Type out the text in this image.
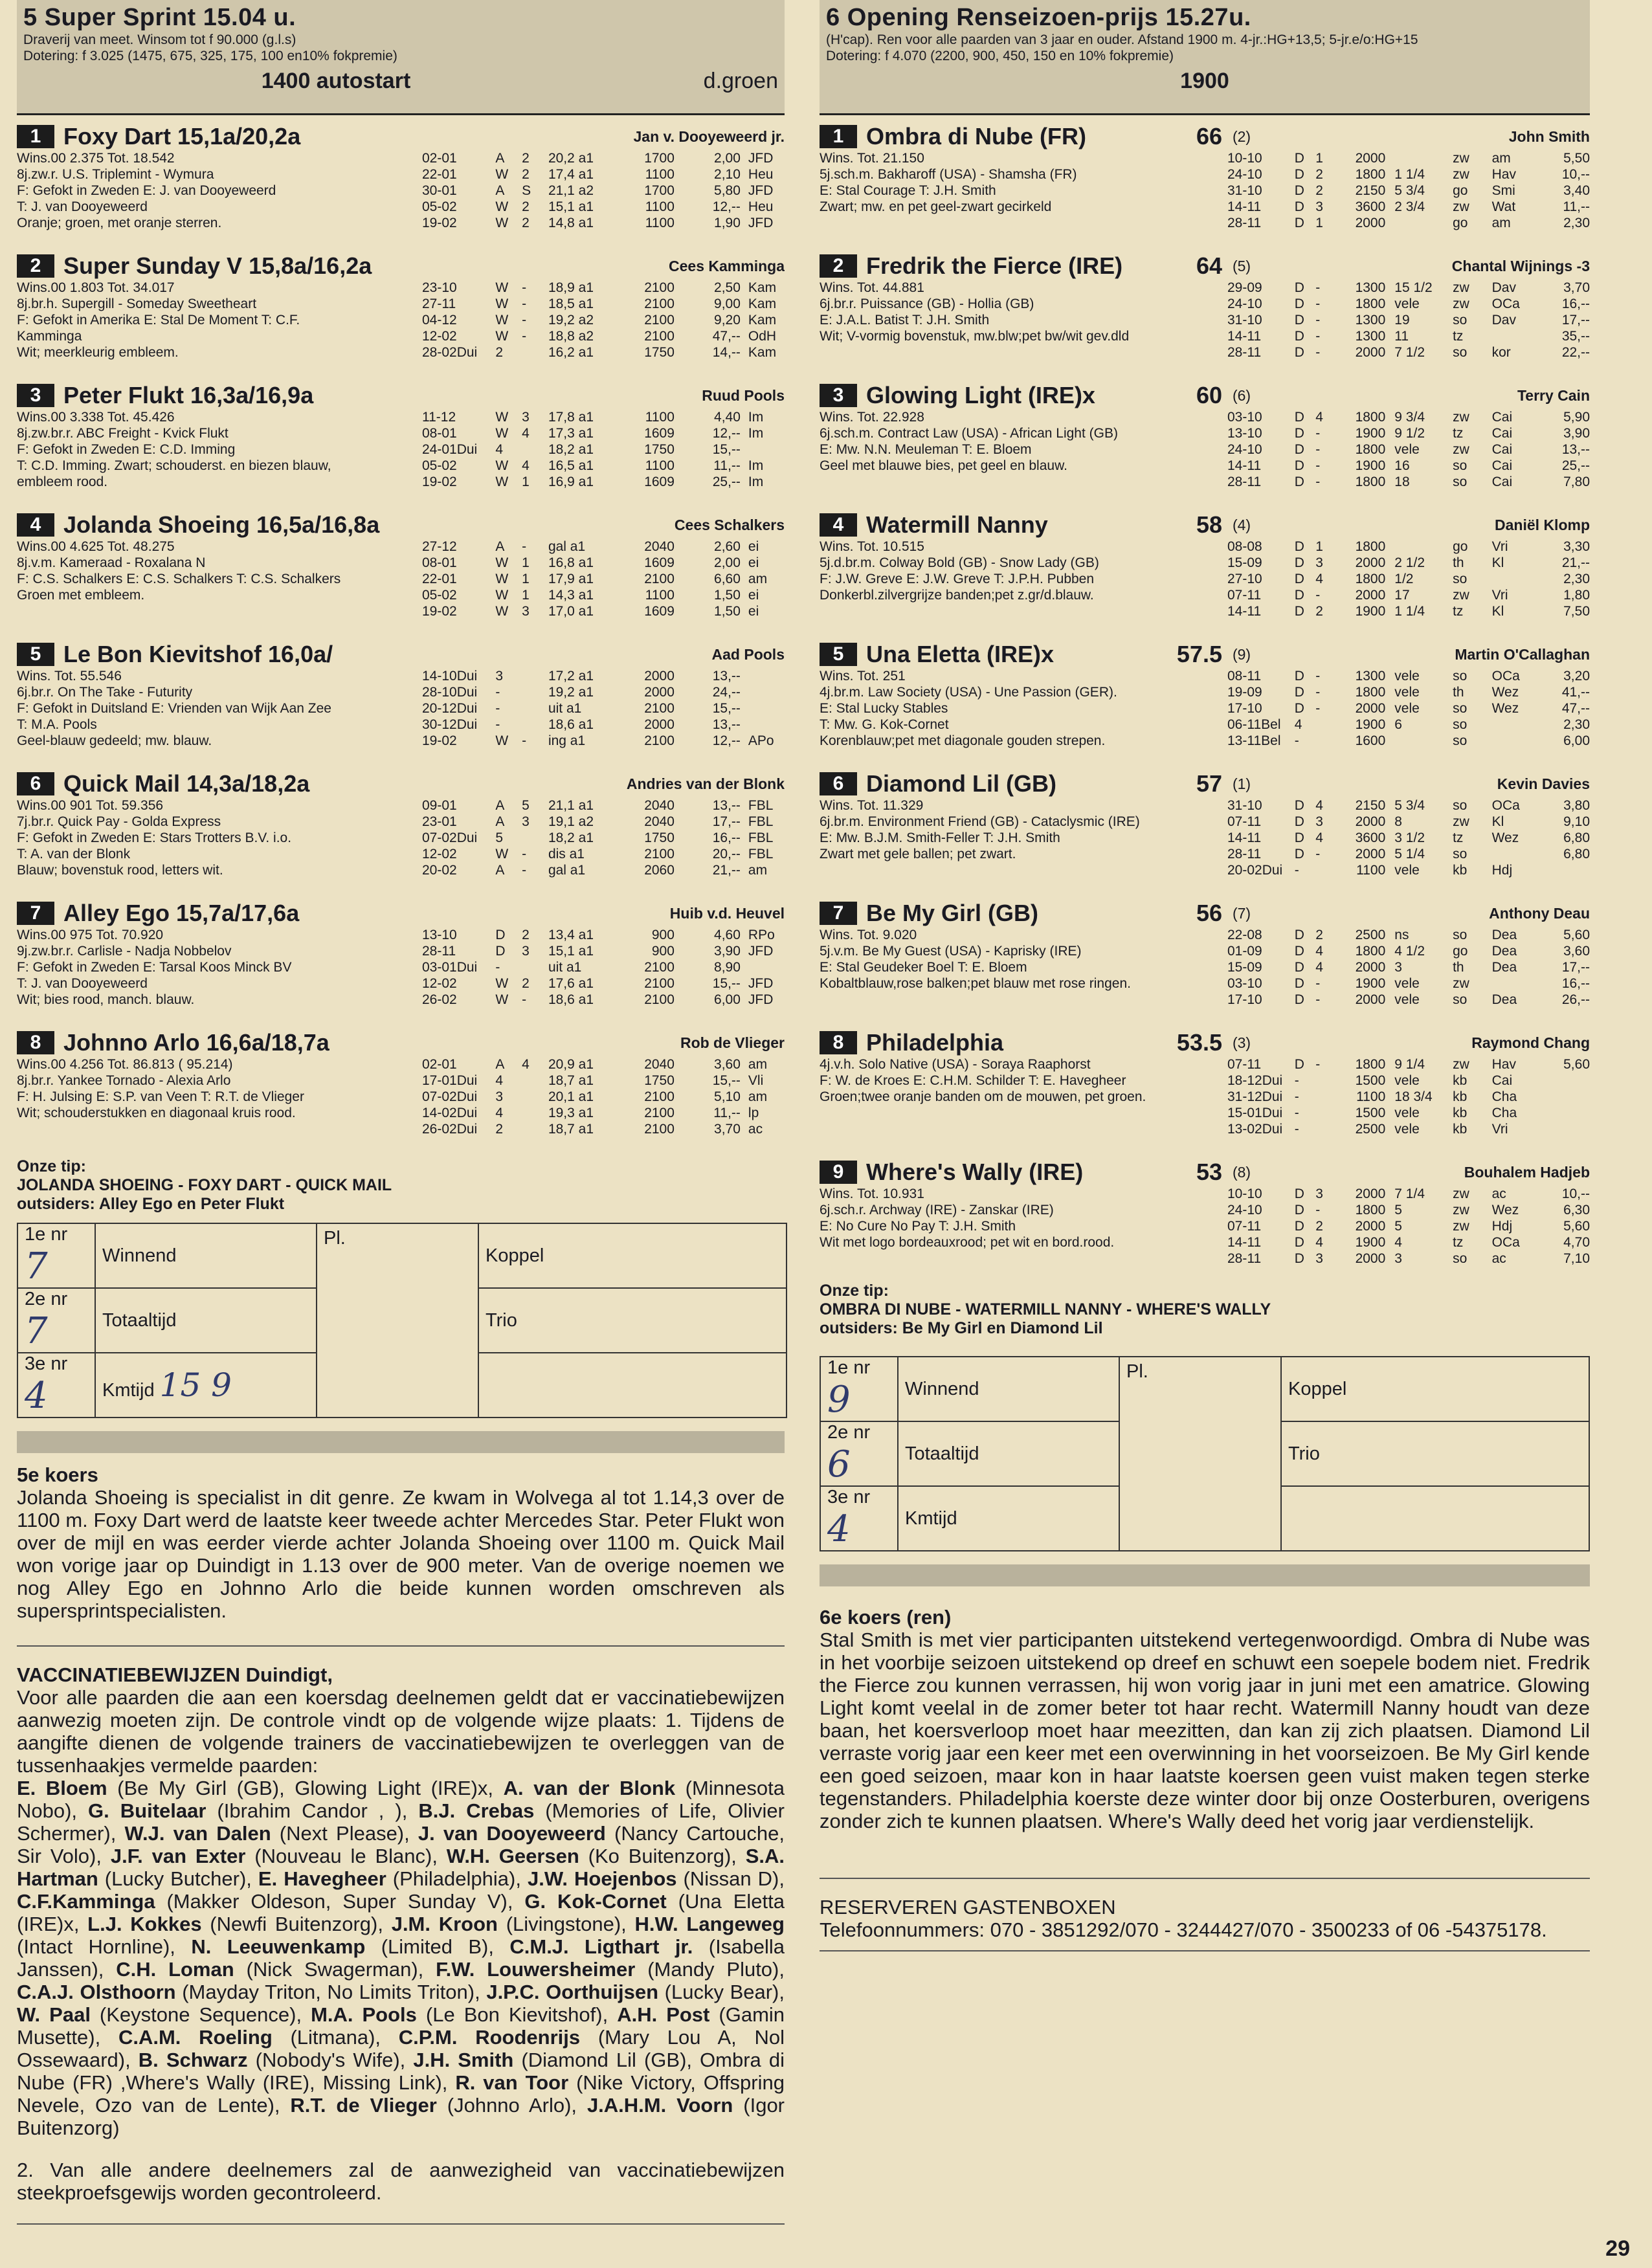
5 Super Sprint 15.04 u.
Draverij van meet. Winsom tot f 90.000 (g.l.s)
Dotering: f 3.025 (1475, 675, 325, 175, 100 en10% fokpremie)
1400 autostart	d.groen
1 Foxy Dart 15,1a/20,2a	Jan v. Dooyeweerd jr.
Wins.00 2.375 Tot. 18.542
8j.zw.r. U.S. Triplemint - Wymura
F: Gefokt in Zweden E: J. van Dooyeweerd
T: J. van Dooyeweerd
Oranje; groen, met oranje sterren.
02-01	A	2	20,2 a1	1700	2,00	JFD
22-01	W	2	17,4 a1	1100	2,10	Heu
30-01	A	S	21,1 a2	1700	5,80	JFD
05-02	W	2	15,1 a1	1100	12,--	Heu
19-02	W	2	14,8 a1	1100	1,90	JFD
2 Super Sunday V 15,8a/16,2a	Cees Kamminga
Wins.00 1.803 Tot. 34.017
8j.br.h. Supergill - Someday Sweetheart
F: Gefokt in Amerika E: Stal De Moment T: C.F.
Kamminga
Wit; meerkleurig embleem.
23-10	W	-	18,9 a1	2100	2,50	Kam
27-11	W	-	18,5 a1	2100	9,00	Kam
04-12	W	-	19,2 a2	2100	9,20	Kam
12-02	W	-	18,8 a2	2100	47,--	OdH
28-02Dui	2		16,2 a1	1750	14,--	Kam
3 Peter Flukt 16,3a/16,9a	Ruud Pools
Wins.00 3.338 Tot. 45.426
8j.zw.br.r. ABC Freight - Kvick Flukt
F: Gefokt in Zweden E: C.D. Imming
T: C.D. Imming. Zwart; schouderst. en biezen blauw,
embleem rood.
11-12	W	3	17,8 a1	1100	4,40	Im
08-01	W	4	17,3 a1	1609	12,--	Im
24-01Dui	4		18,2 a1	1750	15,--	
05-02	W	4	16,5 a1	1100	11,--	Im
19-02	W	1	16,9 a1	1609	25,--	Im
4 Jolanda Shoeing 16,5a/16,8a	Cees Schalkers
Wins.00 4.625 Tot. 48.275
8j.v.m. Kameraad - Roxalana N
F: C.S. Schalkers E: C.S. Schalkers T: C.S. Schalkers
Groen met embleem.
27-12	A	-	gal a1	2040	2,60	ei
08-01	W	1	16,8 a1	1609	2,00	ei
22-01	W	1	17,9 a1	2100	6,60	am
05-02	W	1	14,3 a1	1100	1,50	ei
19-02	W	3	17,0 a1	1609	1,50	ei
5 Le Bon Kievitshof 16,0a/	Aad Pools
Wins. Tot. 55.546
6j.br.r. On The Take - Futurity
F: Gefokt in Duitsland E: Vrienden van Wijk Aan Zee
T: M.A. Pools
Geel-blauw gedeeld; mw. blauw.
14-10Dui	3		17,2 a1	2000	13,--	
28-10Dui	-		19,2 a1	2000	24,--	
20-12Dui	-		uit a1	2100	15,--	
30-12Dui	-		18,6 a1	2000	13,--	
19-02	W	-	ing a1	2100	12,--	APo
6 Quick Mail 14,3a/18,2a	Andries van der Blonk
Wins.00 901 Tot. 59.356
7j.br.r. Quick Pay - Golda Express
F: Gefokt in Zweden E: Stars Trotters B.V. i.o.
T: A. van der Blonk
Blauw; bovenstuk rood, letters wit.
09-01	A	5	21,1 a1	2040	13,--	FBL
23-01	A	3	19,1 a2	2040	17,--	FBL
07-02Dui	5		18,2 a1	1750	16,--	FBL
12-02	W	-	dis a1	2100	20,--	FBL
20-02	A	-	gal a1	2060	21,--	am
7 Alley Ego 15,7a/17,6a	Huib v.d. Heuvel
Wins.00 975 Tot. 70.920
9j.zw.br.r. Carlisle - Nadja Nobbelov
F: Gefokt in Zweden E: Tarsal Koos Minck BV
T: J. van Dooyeweerd
Wit; bies rood, manch. blauw.
13-10	D	2	13,4 a1	900	4,60	RPo
28-11	D	3	15,1 a1	900	3,90	JFD
03-01Dui	-		uit a1	2100	8,90	
12-02	W	2	17,6 a1	2100	15,--	JFD
26-02	W	-	18,6 a1	2100	6,00	JFD
8 Johnno Arlo 16,6a/18,7a	Rob de Vlieger
Wins.00 4.256 Tot. 86.813 ( 95.214)
8j.br.r. Yankee Tornado - Alexia Arlo
F: H. Julsing E: S.P. van Veen T: R.T. de Vlieger
Wit; schouderstukken en diagonaal kruis rood.
02-01	A	4	20,9 a1	2040	3,60	am
17-01Dui	4		18,7 a1	1750	15,--	Vli
07-02Dui	3		20,1 a1	2100	5,10	am
14-02Dui	4		19,3 a1	2100	11,--	lp
26-02Dui	2		18,7 a1	2100	3,70	ac
Onze tip:
JOLANDA SHOEING - FOXY DART - QUICK MAIL
outsiders: Alley Ego en Peter Flukt
1e nr 7	Winnend	Pl.	Koppel
2e nr 7	Totaaltijd		Trio
3e nr 4	Kmtijd 15 9		
5e koers
Jolanda Shoeing is specialist in dit genre. Ze kwam in Wolvega al tot 1.14,3 over de 1100 m. Foxy Dart werd de laatste keer tweede achter Mercedes Star. Peter Flukt won over de mijl en was eerder vierde achter Jolanda Shoeing over 1100 m. Quick Mail won vorige jaar op Duindigt in 1.13 over de 900 meter. Van de overige noemen we nog Alley Ego en Johnno Arlo die beide kunnen worden omschreven als supersprintspecialisten.
VACCINATIEBEWIJZEN Duindigt,
Voor alle paarden die aan een koersdag deelnemen geldt dat er vaccinatiebewijzen aanwezig moeten zijn. De controle vindt op de volgende wijze plaats: 1. Tijdens de aangifte dienen de volgende trainers de vaccinatiebewijzen te overleggen van de tussenhaakjes vermelde paarden:
E. Bloem (Be My Girl (GB), Glowing Light (IRE)x, A. van der Blonk (Minnesota Nobo), G. Buitelaar (Ibrahim Candor , ), B.J. Crebas (Memories of Life, Olivier Schermer), W.J. van Dalen (Next Please), J. van Dooyeweerd (Nancy Cartouche, Sir Volo), J.F. van Exter (Nouveau le Blanc), W.H. Geersen (Ko Buitenzorg), S.A. Hartman (Lucky Butcher), E. Havegheer (Philadelphia), J.W. Hoejenbos (Nissan D), C.F.Kamminga (Makker Oldeson, Super Sunday V), G. Kok-Cornet (Una Eletta (IRE)x, L.J. Kokkes (Newfi Buitenzorg), J.M. Kroon (Livingstone), H.W. Langeweg (Intact Hornline), N. Leeuwenkamp (Limited B), C.M.J. Ligthart jr. (Isabella Janssen), C.H. Loman (Nick Swagerman), F.W. Louwersheimer (Mandy Pluto), C.A.J. Olsthoorn (Mayday Triton, No Limits Triton), J.P.C. Oorthuijsen (Lucky Bear), W. Paal (Keystone Sequence), M.A. Pools (Le Bon Kievitshof), A.H. Post (Gamin Musette), C.A.M. Roeling (Litmana), C.P.M. Roodenrijs (Mary Lou A, Nol Ossewaard), B. Schwarz (Nobody's Wife), J.H. Smith (Diamond Lil (GB), Ombra di Nube (FR) ,Where's Wally (IRE), Missing Link), R. van Toor (Nike Victory, Offspring Nevele, Ozo van de Lente), R.T. de Vlieger (Johnno Arlo), J.A.H.M. Voorn (Igor Buitenzorg)
2. Van alle andere deelnemers zal de aanwezigheid van vaccinatiebewijzen steekproefsgewijs worden gecontroleerd.
6 Opening Renseizoen-prijs 15.27u.
(H'cap). Ren voor alle paarden van 3 jaar en ouder. Afstand 1900 m. 4-jr.:HG+13,5; 5-jr.e/o:HG+15
Dotering: f 4.070 (2200, 900, 450, 150 en 10% fokpremie)
1900
1 Ombra di Nube (FR)	66 (2)	John Smith
Wins. Tot. 21.150
5j.sch.m. Bakharoff (USA) - Shamsha (FR)
E: Stal Courage T: J.H. Smith
Zwart; mw. en pet geel-zwart gecirkeld
10-10	D	1	2000		zw	am	5,50
24-10	D	2	1800	1 1/4	zw	Hav	10,--
31-10	D	2	2150	5 3/4	go	Smi	3,40
14-11	D	3	3600	2 3/4	zw	Wat	11,--
28-11	D	1	2000		go	am	2,30
2 Fredrik the Fierce (IRE)	64 (5)	Chantal Wijnings -3
Wins. Tot. 44.881
6j.br.r. Puissance (GB) - Hollia (GB)
E: J.A.L. Batist T: J.H. Smith
Wit; V-vormig bovenstuk, mw.blw;pet bw/wit gev.dld
29-09	D	-	1300	15 1/2	zw	Dav	3,70
24-10	D	-	1800	vele	zw	OCa	16,--
31-10	D	-	1300	19	so	Dav	17,--
14-11	D	-	1300	11	tz		35,--
28-11	D	-	2000	7 1/2	so	kor	22,--
3 Glowing Light (IRE)x	60 (6)	Terry Cain
Wins. Tot. 22.928
6j.sch.m. Contract Law (USA) - African Light (GB)
E: Mw. N.N. Meuleman T: E. Bloem
Geel met blauwe bies, pet geel en blauw.
03-10	D	4	1800	9 3/4	zw	Cai	5,90
13-10	D	-	1900	9 1/2	tz	Cai	3,90
24-10	D	-	1800	vele	zw	Cai	13,--
14-11	D	-	1900	16	so	Cai	25,--
28-11	D	-	1800	18	so	Cai	7,80
4 Watermill Nanny	58 (4)	Daniël Klomp
Wins. Tot. 10.515
5j.d.br.m. Colway Bold (GB) - Snow Lady (GB)
F: J.W. Greve E: J.W. Greve T: J.P.H. Pubben
Donkerbl.zilvergrijze banden;pet z.gr/d.blauw.
08-08	D	1	1800		go	Vri	3,30
15-09	D	3	2000	2 1/2	th	Kl	21,--
27-10	D	4	1800	1/2	so		2,30
07-11	D	-	2000	17	zw	Vri	1,80
14-11	D	2	1900	1 1/4	tz	Kl	7,50
5 Una Eletta (IRE)x	57.5 (9)	Martin O'Callaghan
Wins. Tot. 251
4j.br.m. Law Society (USA) - Une Passion (GER).
E: Stal Lucky Stables
T: Mw. G. Kok-Cornet
Korenblauw;pet met diagonale gouden strepen.
08-11	D	-	1300	vele	so	OCa	3,20
19-09	D	-	1800	vele	th	Wez	41,--
17-10	D	-	2000	vele	so	Wez	47,--
06-11Bel	4		1900	6	so		2,30
13-11Bel	-		1600		so		6,00
6 Diamond Lil (GB)	57 (1)	Kevin Davies
Wins. Tot. 11.329
6j.br.m. Environment Friend (GB) - Cataclysmic (IRE)
E: Mw. B.J.M. Smith-Feller T: J.H. Smith
Zwart met gele ballen; pet zwart.
31-10	D	4	2150	5 3/4	so	OCa	3,80
07-11	D	3	2000	8	zw	Kl	9,10
14-11	D	4	3600	3 1/2	tz	Wez	6,80
28-11	D	-	2000	5 1/4	so		6,80
20-02Dui	-		1100	vele	kb	Hdj	
7 Be My Girl (GB)	56 (7)	Anthony Deau
Wins. Tot. 9.020
5j.v.m. Be My Guest (USA) - Kaprisky (IRE)
E: Stal Geudeker Boel T: E. Bloem
Kobaltblauw,rose balken;pet blauw met rose ringen.
22-08	D	2	2500	ns	so	Dea	5,60
01-09	D	4	1800	4 1/2	go	Dea	3,60
15-09	D	4	2000	3	th	Dea	17,--
03-10	D	-	1900	vele	zw		16,--
17-10	D	-	2000	vele	so	Dea	26,--
8 Philadelphia	53.5 (3)	Raymond Chang
4j.v.h. Solo Native (USA) - Soraya Raaphorst
F: W. de Kroes E: C.H.M. Schilder T: E. Havegheer
Groen;twee oranje banden om de mouwen, pet groen.
07-11	D	-	1800	9 1/4	zw	Hav	5,60
18-12Dui	-		1500	vele	kb	Cai	
31-12Dui	-		1100	18 3/4	kb	Cha	
15-01Dui	-		1500	vele	kb	Cha	
13-02Dui	-		2500	vele	kb	Vri	
9 Where's Wally (IRE)	53 (8)	Bouhalem Hadjeb
Wins. Tot. 10.931
6j.sch.r. Archway (IRE) - Zanskar (IRE)
E: No Cure No Pay T: J.H. Smith
Wit met logo bordeauxrood; pet wit en bord.rood.
10-10	D	3	2000	7 1/4	zw	ac	10,--
24-10	D	-	1800	5	zw	Wez	6,30
07-11	D	2	2000	5	zw	Hdj	5,60
14-11	D	4	1900	4	tz	OCa	4,70
28-11	D	3	2000	3	so	ac	7,10
Onze tip:
OMBRA DI NUBE - WATERMILL NANNY - WHERE'S WALLY
outsiders: Be My Girl en Diamond Lil
1e nr 9	Winnend	Pl.	Koppel
2e nr 6	Totaaltijd		Trio
3e nr 4	Kmtijd		
6e koers (ren)
Stal Smith is met vier participanten uitstekend vertegenwoordigd. Ombra di Nube was in het voorbije seizoen uitstekend op dreef en schuwt een soepele bodem niet. Fredrik the Fierce zou kunnen verrassen, hij won vorig jaar in juni met een amatrice. Glowing Light komt veelal in de zomer beter tot haar recht. Watermill Nanny houdt van deze baan, het koersverloop moet haar meezitten, dan kan zij zich plaatsen. Diamond Lil verraste vorig jaar een keer met een overwinning in het voorseizoen. Be My Girl kende een goed seizoen, maar kon in haar laatste koersen geen vuist maken tegen sterke tegenstanders. Philadelphia koerste deze winter door bij onze Oosterburen, overigens zonder zich te kunnen plaatsen. Where's Wally deed het vorig jaar verdienstelijk.
RESERVEREN GASTENBOXEN
Telefoonnummers: 070 - 3851292/070 - 3244427/070 - 3500233 of 06 -54375178.
29
